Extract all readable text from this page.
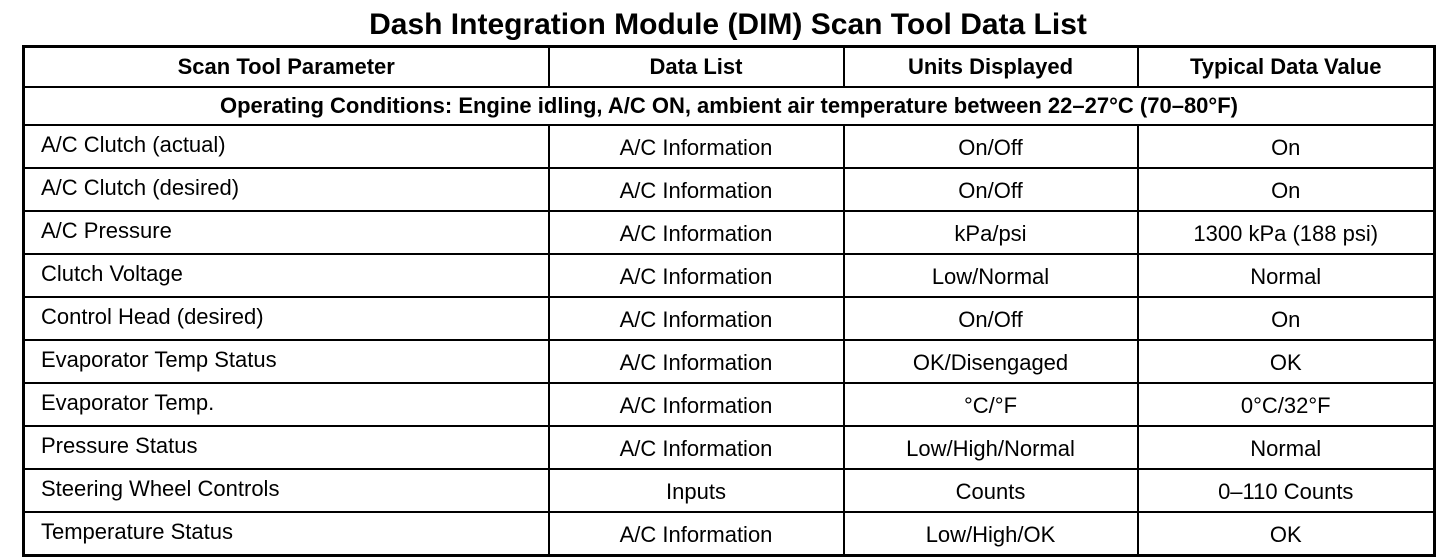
Dash Integration Module (DIM) Scan Tool Data List
Scan Tool Parameter	Data List	Units Displayed	Typical Data Value
Operating Conditions: Engine idling, A/C ON, ambient air temperature between 22–27°C (70–80°F)			
A/C Clutch (actual)	A/C Information	On/Off	On
A/C Clutch (desired)	A/C Information	On/Off	On
A/C Pressure	A/C Information	kPa/psi	1300 kPa (188 psi)
Clutch Voltage	A/C Information	Low/Normal	Normal
Control Head (desired)	A/C Information	On/Off	On
Evaporator Temp Status	A/C Information	OK/Disengaged	OK
Evaporator Temp.	A/C Information	°C/°F	0°C/32°F
Pressure Status	A/C Information	Low/High/Normal	Normal
Steering Wheel Controls	Inputs	Counts	0–110 Counts
Temperature Status	A/C Information	Low/High/OK	OK
